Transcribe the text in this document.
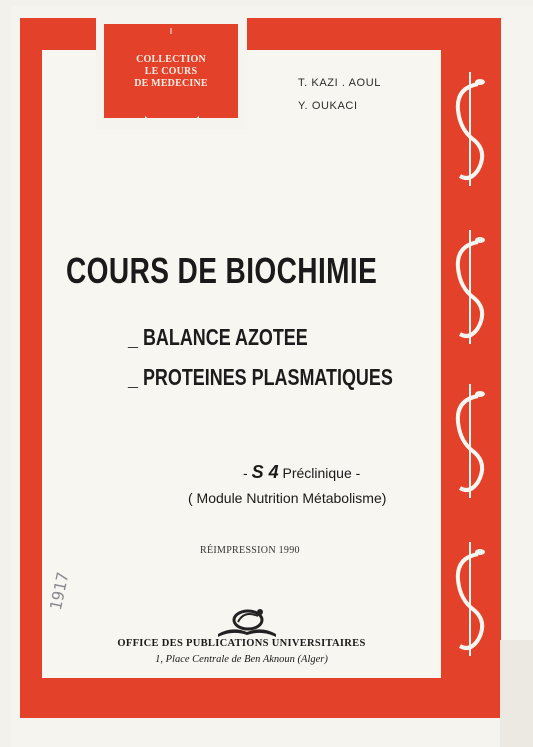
COLLECTION
LE COURS
DE MEDECINE	T. KAZI . AOUL
Y. OUKACI
COURS DE BIOCHIMIE
_ BALANCE AZOTEE
_ PROTEINES PLASMATIQUES
- S 4 Préclinique -
( Module Nutrition Métabolisme)
RÉIMPRESSION 1990
OFFICE DES PUBLICATIONS UNIVERSITAIRES
1, Place Centrale de Ben Aknoun (Alger)
1917
